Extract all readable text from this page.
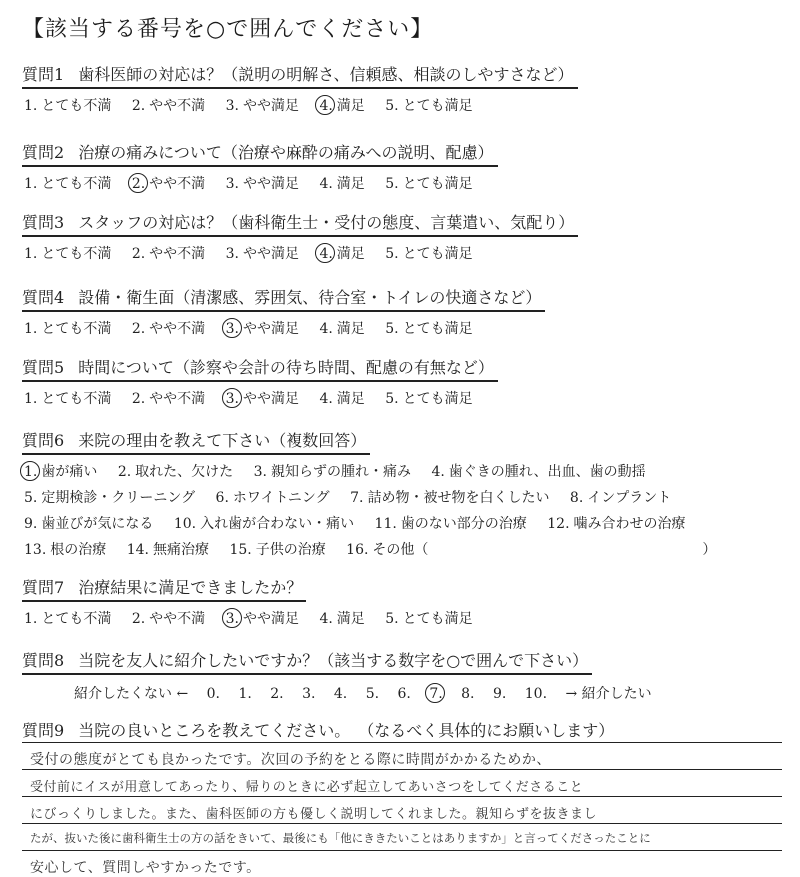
【該当する番号を○で囲んでください】
質問1 歯科医師の対応は？（説明の明解さ、信頼感、相談のしやすさなど）
1. とても不満 2. やや不満 3. やや満足 4. 満足 5. とても満足
質問2 治療の痛みについて（治療や麻酔の痛みへの説明、配慮）
1. とても不満 2. やや不満 3. やや満足 4. 満足 5. とても満足
質問3 スタッフの対応は？（歯科衛生士・受付の態度、言葉遣い、気配り）
1. とても不満 2. やや不満 3. やや満足 4. 満足 5. とても満足
質問4 設備・衛生面（清潔感、雰囲気、待合室・トイレの快適さなど）
1. とても不満 2. やや不満 3. やや満足 4. 満足 5. とても満足
質問5 時間について（診察や会計の待ち時間、配慮の有無など）
1. とても不満 2. やや不満 3. やや満足 4. 満足 5. とても満足
質問6 来院の理由を教えて下さい（複数回答）
1. 歯が痛い 2. 取れた、欠けた 3. 親知らずの腫れ・痛み 4. 歯ぐきの腫れ、出血、歯の動揺
5. 定期検診・クリーニング 6. ホワイトニング 7. 詰め物・被せ物を白くしたい 8. インプラント
9. 歯並びが気になる 10. 入れ歯が合わない・痛い 11. 歯のない部分の治療 12. 噛み合わせの治療
13. 根の治療 14. 無痛治療 15. 子供の治療 16. その他（	）
質問7 治療結果に満足できましたか？
1. とても不満 2. やや不満 3. やや満足 4. 満足 5. とても満足
質問8 当院を友人に紹介したいですか？（該当する数字を○で囲んで下さい）
紹介したくない ← 0. 1. 2. 3. 4. 5. 6. 7. 8. 9. 10. → 紹介したい
質問9 当院の良いところを教えてください。 （なるべく具体的にお願いします）
受付の態度がとても良かったです。次回の予約をとる際に時間がかかるためか、
受付前にイスが用意してあったり、帰りのときに必ず起立してあいさつをしてくださること
にびっくりしました。また、歯科医師の方も優しく説明してくれました。親知らずを抜きまし
たが、抜いた後に歯科衛生士の方の話をきいて、最後にも「他にききたいことはありますか」と言ってくださったことに
安心して、質問しやすかったです。
